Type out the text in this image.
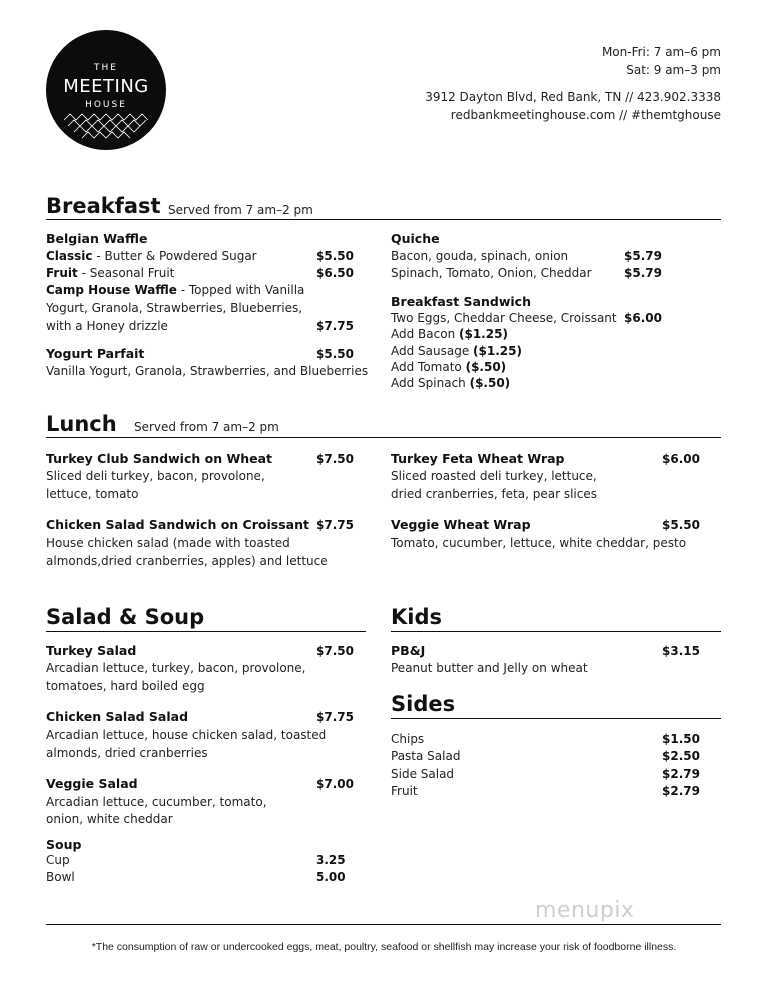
THE
MEETING
HOUSE
Mon-Fri: 7 am–6 pm
Sat: 9 am–3 pm
3912 Dayton Blvd, Red Bank, TN // 423.902.3338
redbankmeetinghouse.com // #themtghouse
Breakfast Served from 7 am–2 pm
Belgian Waffle
Classic - Butter & Powdered Sugar	$5.50
Fruit - Seasonal Fruit	$6.50
Camp House Waffle - Topped with Vanilla
Yogurt, Granola, Strawberries, Blueberries,
with a Honey drizzle	$7.75
Yogurt Parfait	$5.50
Vanilla Yogurt, Granola, Strawberries, and Blueberries
Quiche
Bacon, gouda, spinach, onion	$5.79
Spinach, Tomato, Onion, Cheddar	$5.79
Breakfast Sandwich
Two Eggs, Cheddar Cheese, Croissant $6.00
Add Bacon ($1.25)
Add Sausage ($1.25)
Add Tomato ($.50)
Add Spinach ($.50)
Lunch Served from 7 am–2 pm
Turkey Club Sandwich on Wheat	$7.50
Sliced deli turkey, bacon, provolone,
lettuce, tomato
Chicken Salad Sandwich on Croissant $7.75
House chicken salad (made with toasted
almonds,dried cranberries, apples) and lettuce
Turkey Feta Wheat Wrap	$6.00
Sliced roasted deli turkey, lettuce,
dried cranberries, feta, pear slices
Veggie Wheat Wrap	$5.50
Tomato, cucumber, lettuce, white cheddar, pesto
Salad & Soup
Turkey Salad	$7.50
Arcadian lettuce, turkey, bacon, provolone,
tomatoes, hard boiled egg
Chicken Salad Salad	$7.75
Arcadian lettuce, house chicken salad, toasted
almonds, dried cranberries
Veggie Salad	$7.00
Arcadian lettuce, cucumber, tomato,
onion, white cheddar
Soup
Cup	3.25
Bowl	5.00
Kids
PB&J	$3.15
Peanut butter and Jelly on wheat
Sides
Chips	$1.50
Pasta Salad	$2.50
Side Salad	$2.79
Fruit	$2.79
menupix
*The consumption of raw or undercooked eggs, meat, poultry, seafood or shellfish may increase your risk of foodborne illness.
